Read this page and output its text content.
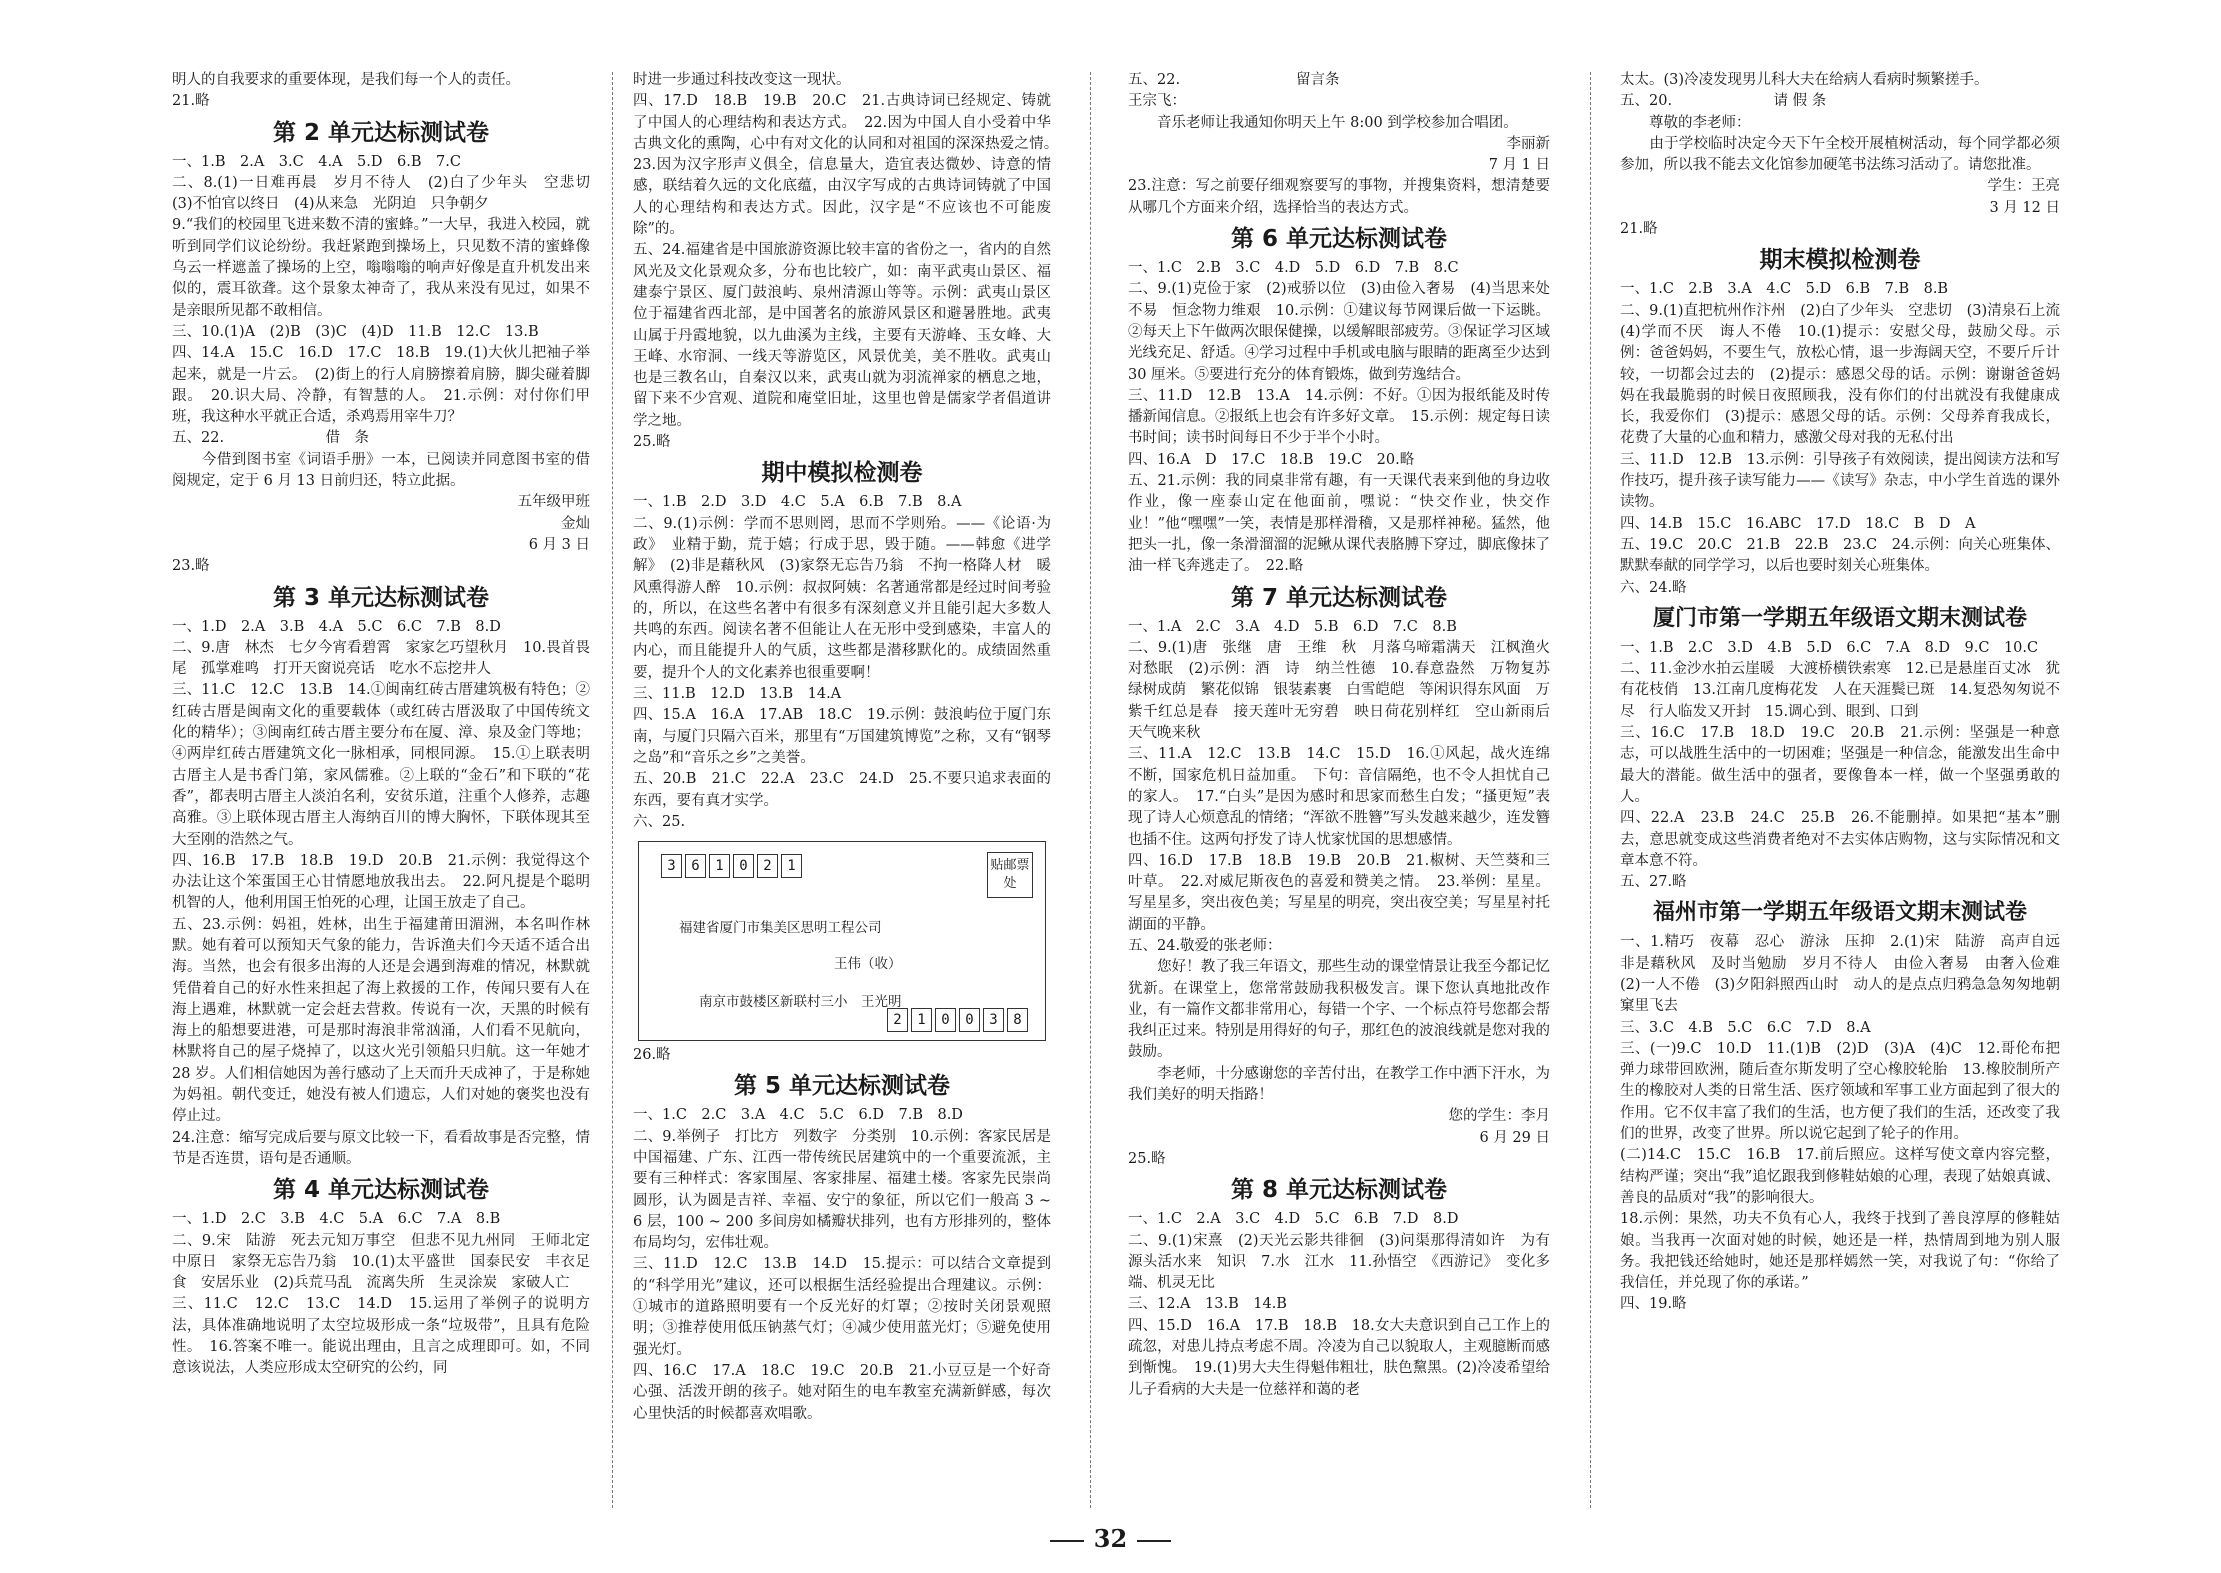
明人的自我要求的重要体现，是我们每一个人的责任。
21.略
第 2 单元达标测试卷
一、1.B　2.A　3.C　4.A　5.D　6.B　7.C
二、8.(1)一日难再晨　岁月不待人　(2)白了少年头　空悲切　(3)不怕官以终日　(4)从来急　光阴迫　只争朝夕
9.“我们的校园里飞进来数不清的蜜蜂。”一大早，我进入校园，就听到同学们议论纷纷。我赶紧跑到操场上，只见数不清的蜜蜂像乌云一样遮盖了操场的上空，嗡嗡嗡的响声好像是直升机发出来似的，震耳欲聋。这个景象太神奇了，我从来没有见过，如果不是亲眼所见都不敢相信。
三、10.(1)A　(2)B　(3)C　(4)D　11.B　12.C　13.B
四、14.A　15.C　16.D　17.C　18.B　19.(1)大伙儿把袖子举起来，就是一片云。　(2)街上的行人肩膀擦着肩膀，脚尖碰着脚跟。　20.识大局、冷静，有智慧的人。　21.示例：对付你们甲班，我这种水平就正合适，杀鸡焉用宰牛刀？
五、22.　　　　　　　借　条
　　今借到图书室《词语手册》一本，已阅读并同意图书室的借阅规定，定于 6 月 13 日前归还，特立此据。
五年级甲班
金灿
6 月 3 日
23.略
第 3 单元达标测试卷
一、1.D　2.A　3.B　4.A　5.C　6.C　7.B　8.D
二、9.唐　林杰　七夕今宵看碧霄　家家乞巧望秋月　10.畏首畏尾　孤掌难鸣　打开天窗说亮话　吃水不忘挖井人
三、11.C　12.C　13.B　14.①闽南红砖古厝建筑极有特色；②红砖古厝是闽南文化的重要载体（或红砖古厝汲取了中国传统文化的精华）；③闽南红砖古厝主要分布在厦、漳、泉及金门等地；④两岸红砖古厝建筑文化一脉相承，同根同源。　15.①上联表明古厝主人是书香门第，家风儒雅。②上联的“金石”和下联的“花香”，都表明古厝主人淡泊名利，安贫乐道，注重个人修养，志趣高雅。③上联体现古厝主人海纳百川的博大胸怀，下联体现其至大至刚的浩然之气。
四、16.B　17.B　18.B　19.D　20.B　21.示例：我觉得这个办法让这个笨蛋国王心甘情愿地放我出去。　22.阿凡提是个聪明机智的人，他利用国王怕死的心理，让国王放走了自己。
五、23.示例：妈祖，姓林，出生于福建莆田湄洲，本名叫作林默。她有着可以预知天气象的能力，告诉渔夫们今天适不适合出海。当然，也会有很多出海的人还是会遇到海难的情况，林默就凭借着自己的好水性来担起了海上救援的工作，传闻只要有人在海上遇难，林默就一定会赶去营救。传说有一次，天黑的时候有海上的船想要进港，可是那时海浪非常汹涌，人们看不见航向，林默将自己的屋子烧掉了，以这火光引领船只归航。这一年她才 28 岁。人们相信她因为善行感动了上天而升天成神了，于是称她为妈祖。朝代变迁，她没有被人们遗忘，人们对她的褒奖也没有停止过。
24.注意：缩写完成后要与原文比较一下，看看故事是否完整，情节是否连贯，语句是否通顺。
第 4 单元达标测试卷
一、1.D　2.C　3.B　4.C　5.A　6.C　7.A　8.B
二、9.宋　陆游　死去元知万事空　但悲不见九州同　王师北定中原日　家祭无忘告乃翁　10.(1)太平盛世　国泰民安　丰衣足食　安居乐业　(2)兵荒马乱　流离失所　生灵涂炭　家破人亡
三、11.C　12.C　13.C　14.D　15.运用了举例子的说明方法，具体准确地说明了太空垃圾形成一条“垃圾带”，且具有危险性。　16.答案不唯一。能说出理由，且言之成理即可。如，不同意该说法，人类应形成太空研究的公约，同
时进一步通过科技改变这一现状。
四、17.D　18.B　19.B　20.C　21.古典诗词已经规定、铸就了中国人的心理结构和表达方式。　22.因为中国人自小受着中华古典文化的熏陶，心中有对文化的认同和对祖国的深深热爱之情。　23.因为汉字形声义俱全，信息量大，造宜表达微妙、诗意的情感，联结着久远的文化底蕴，由汉字写成的古典诗词铸就了中国人的心理结构和表达方式。因此，汉字是“不应该也不可能废除”的。
五、24.福建省是中国旅游资源比较丰富的省份之一，省内的自然风光及文化景观众多，分布也比较广，如：南平武夷山景区、福建泰宁景区、厦门鼓浪屿、泉州清源山等等。示例：武夷山景区位于福建省西北部，是中国著名的旅游风景区和避暑胜地。武夷山属于丹霞地貌，以九曲溪为主线，主要有天游峰、玉女峰、大王峰、水帘洞、一线天等游览区，风景优美，美不胜收。武夷山也是三教名山，自秦汉以来，武夷山就为羽流禅家的栖息之地，留下来不少宫观、道院和庵堂旧址，这里也曾是儒家学者倡道讲学之地。
25.略
期中模拟检测卷
一、1.B　2.D　3.D　4.C　5.A　6.B　7.B　8.A
二、9.(1)示例：学而不思则罔，思而不学则殆。——《论语·为政》　业精于勤，荒于嬉；行成于思，毁于随。——韩愈《进学解》　(2)非是藉秋风　(3)家祭无忘告乃翁　不拘一格降人材　暖风熏得游人醉　10.示例：叔叔阿姨：名著通常都是经过时间考验的，所以，在这些名著中有很多有深刻意义并且能引起大多数人共鸣的东西。阅读名著不但能让人在无形中受到感染，丰富人的内心，而且能提升人的气质，这些都是潜移默化的。成绩固然重要，提升个人的文化素养也很重要啊！
三、11.B　12.D　13.B　14.A
四、15.A　16.A　17.AB　18.C　19.示例：鼓浪屿位于厦门东南，与厦门只隔六百米，那里有“万国建筑博览”之称，又有“钢琴之岛”和“音乐之乡”之美誉。
五、20.B　21.C　22.A　23.C　24.D　25.不要只追求表面的东西，要有真才实学。
六、25.
3	6	1	0	2	1	贴邮票处
福建省厦门市集美区思明工程公司
王伟（收）
南京市鼓楼区新联村三小　王光明
2	1	0	0	3	8
26.略
第 5 单元达标测试卷
一、1.C　2.C　3.A　4.C　5.C　6.D　7.B　8.D
二、9.举例子　打比方　列数字　分类别　10.示例：客家民居是中国福建、广东、江西一带传统民居建筑中的一个重要流派，主要有三种样式：客家围屋、客家排屋、福建土楼。客家先民崇尚圆形，认为圆是吉祥、幸福、安宁的象征，所以它们一般高 3 ~ 6 层，100 ~ 200 多间房如橘瓣状排列，也有方形排列的，整体布局均匀，宏伟壮观。
三、11.D　12.C　13.B　14.D　15.提示：可以结合文章提到的“科学用光”建议，还可以根据生活经验提出合理建议。示例：①城市的道路照明要有一个反光好的灯罩；②按时关闭景观照明；③推荐使用低压钠蒸气灯；④减少使用蓝光灯；⑤避免使用强光灯。
四、16.C　17.A　18.C　19.C　20.B　21.小豆豆是一个好奇心强、活泼开朗的孩子。她对陌生的电车教室充满新鲜感，每次心里快活的时候都喜欢唱歌。
五、22.　　　　　　　　留言条
王宗飞：
　　音乐老师让我通知你明天上午 8:00 到学校参加合唱团。
李丽新
7 月 1 日
23.注意：写之前要仔细观察要写的事物，并搜集资料，想清楚要从哪几个方面来介绍，选择恰当的表达方式。
第 6 单元达标测试卷
一、1.C　2.B　3.C　4.D　5.D　6.D　7.B　8.C
二、9.(1)克俭于家　(2)戒骄以位　(3)由俭入奢易　(4)当思来处不易　恒念物力维艰　10.示例：①建议每节网课后做一下运眺。②每天上下午做两次眼保健操，以缓解眼部疲劳。③保证学习区域光线充足、舒适。④学习过程中手机或电脑与眼睛的距离至少达到 30 厘米。⑤要进行充分的体育锻炼，做到劳逸结合。
三、11.D　12.B　13.A　14.示例：不好。①因为报纸能及时传播新闻信息。②报纸上也会有许多好文章。　15.示例：规定每日读书时间；读书时间每日不少于半个小时。
四、16.A　D　17.C　18.B　19.C　20.略
五、21.示例：我的同桌非常有趣，有一天课代表来到他的身边收作业，像一座泰山定在他面前，嘿说：“快交作业，快交作业！”他“嘿嘿”一笑，表情是那样滑稽，又是那样神秘。猛然，他把头一扎，像一条滑溜溜的泥鳅从课代表胳膊下穿过，脚底像抹了油一样飞奔逃走了。　22.略
第 7 单元达标测试卷
一、1.A　2.C　3.A　4.D　5.B　6.D　7.C　8.B
二、9.(1)唐　张继　唐　王维　秋　月落乌啼霜满天　江枫渔火对愁眠　(2)示例：酒　诗　纳兰性德　10.春意盎然　万物复苏　绿树成荫　繁花似锦　银装素裹　白雪皑皑　等闲识得东风面　万紫千红总是春　接天莲叶无穷碧　映日荷花别样红　空山新雨后　天气晚来秋
三、11.A　12.C　13.B　14.C　15.D　16.①风起，战火连绵不断，国家危机日益加重。　下句：音信隔绝，也不令人担忧自己的家人。　17.“白头”是因为感时和思家而愁生白发；“搔更短”表现了诗人心烦意乱的情绪；“浑欲不胜簪”写头发越来越少，连发簪也插不住。这两句抒发了诗人忧家忧国的思想感情。
四、16.D　17.B　18.B　19.B　20.B　21.椒树、天竺葵和三叶草。　22.对威尼斯夜色的喜爱和赞美之情。　23.举例：星星。写星星多，突出夜色美；写星星的明亮，突出夜空美；写星星衬托湖面的平静。
五、24.敬爱的张老师：
　　您好！教了我三年语文，那些生动的课堂情景让我至今都记忆犹新。在课堂上，您常常鼓励我积极发言。课下您认真地批改作业，有一篇作文都非常用心，每错一个字、一个标点符号您都会帮我纠正过来。特别是用得好的句子，那红色的波浪线就是您对我的鼓励。
　　李老师，十分感谢您的辛苦付出，在教学工作中洒下汗水，为我们美好的明天指路！
您的学生：李月
6 月 29 日
25.略
第 8 单元达标测试卷
一、1.C　2.A　3.C　4.D　5.C　6.B　7.D　8.D
二、9.(1)宋熹　(2)天光云影共徘徊　(3)问渠那得清如许　为有源头活水来　知识　7.水　江水　11.孙悟空　《西游记》　变化多端、机灵无比
三、12.A　13.B　14.B
四、15.D　16.A　17.B　18.B　18.女大夫意识到自己工作上的疏忽，对患儿持点考虑不周。冷凌为自己以貌取人，主观臆断而感到惭愧。　19.(1)男大夫生得魁伟粗壮，肤色黧黑。(2)冷凌希望给儿子看病的大夫是一位慈祥和蔼的老
太太。(3)冷凌发现男儿科大夫在给病人看病时频繁搓手。
五、20.　　　　　　　请 假 条
　　尊敬的李老师：
　　由于学校临时决定今天下午全校开展植树活动，每个同学都必须参加，所以我不能去文化馆参加硬笔书法练习活动了。请您批准。
学生：王亮
3 月 12 日
21.略
期末模拟检测卷
一、1.C　2.B　3.A　4.C　5.D　6.B　7.B　8.B
二、9.(1)直把杭州作汴州　(2)白了少年头　空悲切　(3)清泉石上流　(4)学而不厌　诲人不倦　10.(1)提示：安慰父母，鼓励父母。示例：爸爸妈妈，不要生气，放松心情，退一步海阔天空，不要斤斤计较，一切都会过去的　(2)提示：感恩父母的话。示例：谢谢爸爸妈妈在我最脆弱的时候日夜照顾我，没有你们的付出就没有我健康成长，我爱你们　(3)提示：感恩父母的话。示例：父母养育我成长，花费了大量的心血和精力，感激父母对我的无私付出
三、11.D　12.B　13.示例：引导孩子有效阅读，提出阅读方法和写作技巧，提升孩子读写能力——《读写》杂志，中小学生首选的课外读物。
四、14.B　15.C　16.ABC　17.D　18.C　B　D　A
五、19.C　20.C　21.B　22.B　23.C　24.示例：向关心班集体、默默奉献的同学学习，以后也要时刻关心班集体。
六、24.略
厦门市第一学期五年级语文期末测试卷
一、1.B　2.C　3.D　4.B　5.D　6.C　7.A　8.D　9.C　10.C
二、11.金沙水拍云崖暖　大渡桥横铁索寒　12.已是悬崖百丈冰　犹有花枝俏　13.江南几度梅花发　人在天涯鬓已斑　14.复恐匆匆说不尽　行人临发又开封　15.调心到、眼到、口到
三、16.C　17.B　18.D　19.C　20.B　21.示例：坚强是一种意志，可以战胜生活中的一切困难；坚强是一种信念，能激发出生命中最大的潜能。做生活中的强者，要像鲁本一样，做一个坚强勇敢的人。
四、22.A　23.B　24.C　25.B　26.不能删掉。如果把“基本”删去，意思就变成这些消费者绝对不去实体店购物，这与实际情况和文章本意不符。
五、27.略
福州市第一学期五年级语文期末测试卷
一、1.精巧　夜幕　忍心　游泳　压抑　2.(1)宋　陆游　高声自远　非是藉秋风　及时当勉励　岁月不待人　由俭入奢易　由奢入俭难　(2)一人不倦　(3)夕阳斜照西山时　动人的是点点归鸦急急匆匆地朝窠里飞去
三、3.C　4.B　5.C　6.C　7.D　8.A
三、(一)9.C　10.D　11.(1)B　(2)D　(3)A　(4)C　12.哥伦布把弹力球带回欧洲，随后查尔斯发明了空心橡胶轮胎　13.橡胶制所产生的橡胶对人类的日常生活、医疗领域和军事工业方面起到了很大的作用。它不仅丰富了我们的生活，也方便了我们的生活，还改变了我们的世界，改变了世界。所以说它起到了轮子的作用。
(二)14.C　15.C　16.B　17.前后照应。这样写使文章内容完整，结构严谨；突出“我”追忆跟我到修鞋姑娘的心理，表现了姑娘真诚、善良的品质对“我”的影响很大。
18.示例：果然，功夫不负有心人，我终于找到了善良淳厚的修鞋姑娘。当我再一次面对她的时候，她还是一样，热情周到地为别人服务。我把钱还给她时，她还是那样嫣然一笑，对我说了句：“你给了我信任，并兑现了你的承诺。”
四、19.略
32
